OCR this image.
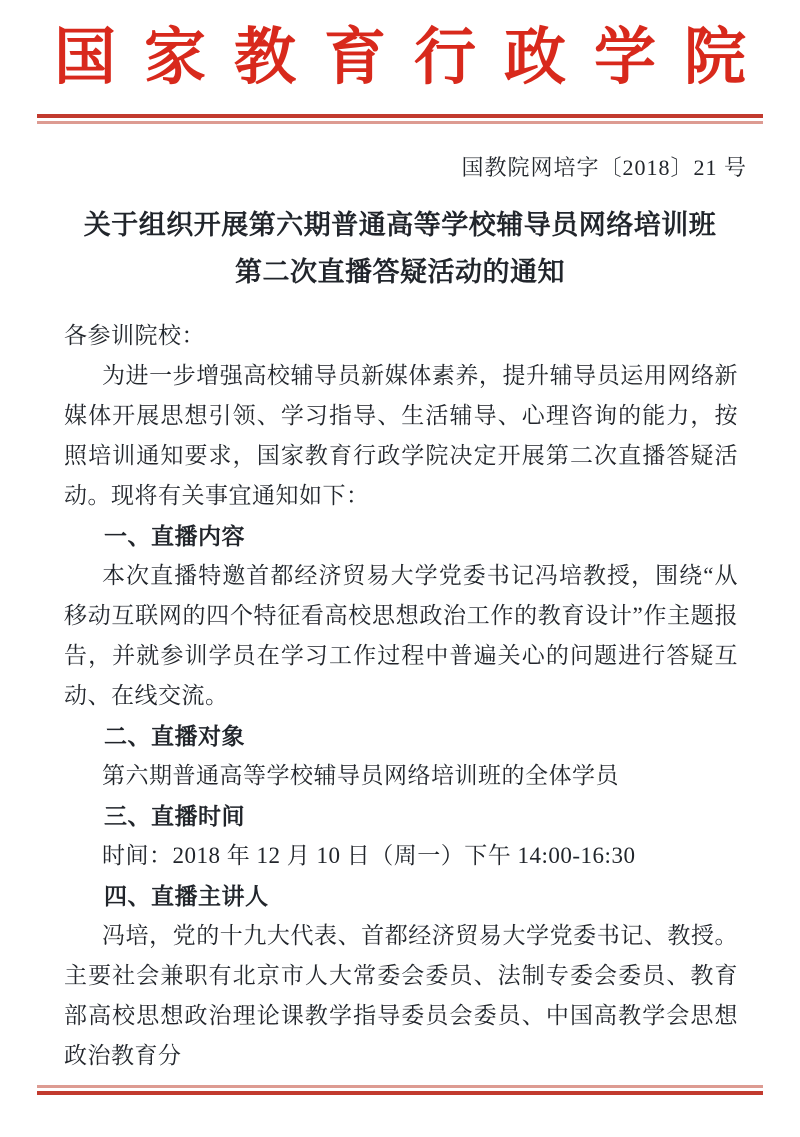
国家教育行政学院
国教院网培字〔2018〕21 号
关于组织开展第六期普通高等学校辅导员网络培训班
第二次直播答疑活动的通知

各参训院校：

为进一步增强高校辅导员新媒体素养，提升辅导员运用网络新媒体开展思想引领、学习指导、生活辅导、心理咨询的能力，按照培训通知要求，国家教育行政学院决定开展第二次直播答疑活动。现将有关事宜通知如下：

一、直播内容

本次直播特邀首都经济贸易大学党委书记冯培教授，围绕“从移动互联网的四个特征看高校思想政治工作的教育设计”作主题报告，并就参训学员在学习工作过程中普遍关心的问题进行答疑互动、在线交流。

二、直播对象

第六期普通高等学校辅导员网络培训班的全体学员

三、直播时间

时间：2018 年 12 月 10 日（周一）下午 14:00-16:30

四、直播主讲人

冯培，党的十九大代表、首都经济贸易大学党委书记、教授。主要社会兼职有北京市人大常委会委员、法制专委会委员、教育部高校思想政治理论课教学指导委员会委员、中国高教学会思想政治教育分
